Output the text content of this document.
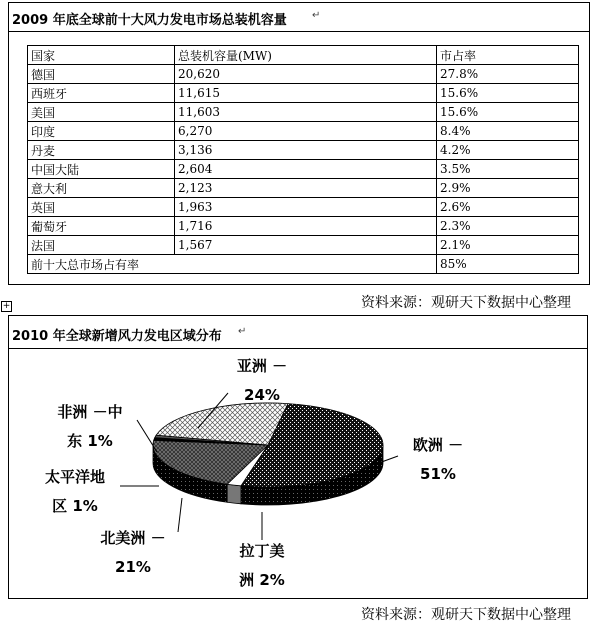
2009 年底全球前十大风力发电市场总装机容量	↵
国家	总装机容量(MW)	市占率
德国	20,620	27.8%
西班牙	11,615	15.6%
美国	11,603	15.6%
印度	6,270	8.4%
丹麦	3,136	4.2%
中国大陆	2,604	3.5%
意大利	2,123	2.9%
英国	1,963	2.6%
葡萄牙	1,716	2.3%
法国	1,567	2.1%
前十大总市场占有率		85%
资料来源：观研天下数据中心整理
+
2010 年全球新增风力发电区域分布 ↵
亚洲 －
24%
非洲 －中
东 1%	欧洲 －
51%
太平洋地
区 1%
北美洲 －
21%
拉丁美
洲 2%
资料来源：观研天下数据中心整理
